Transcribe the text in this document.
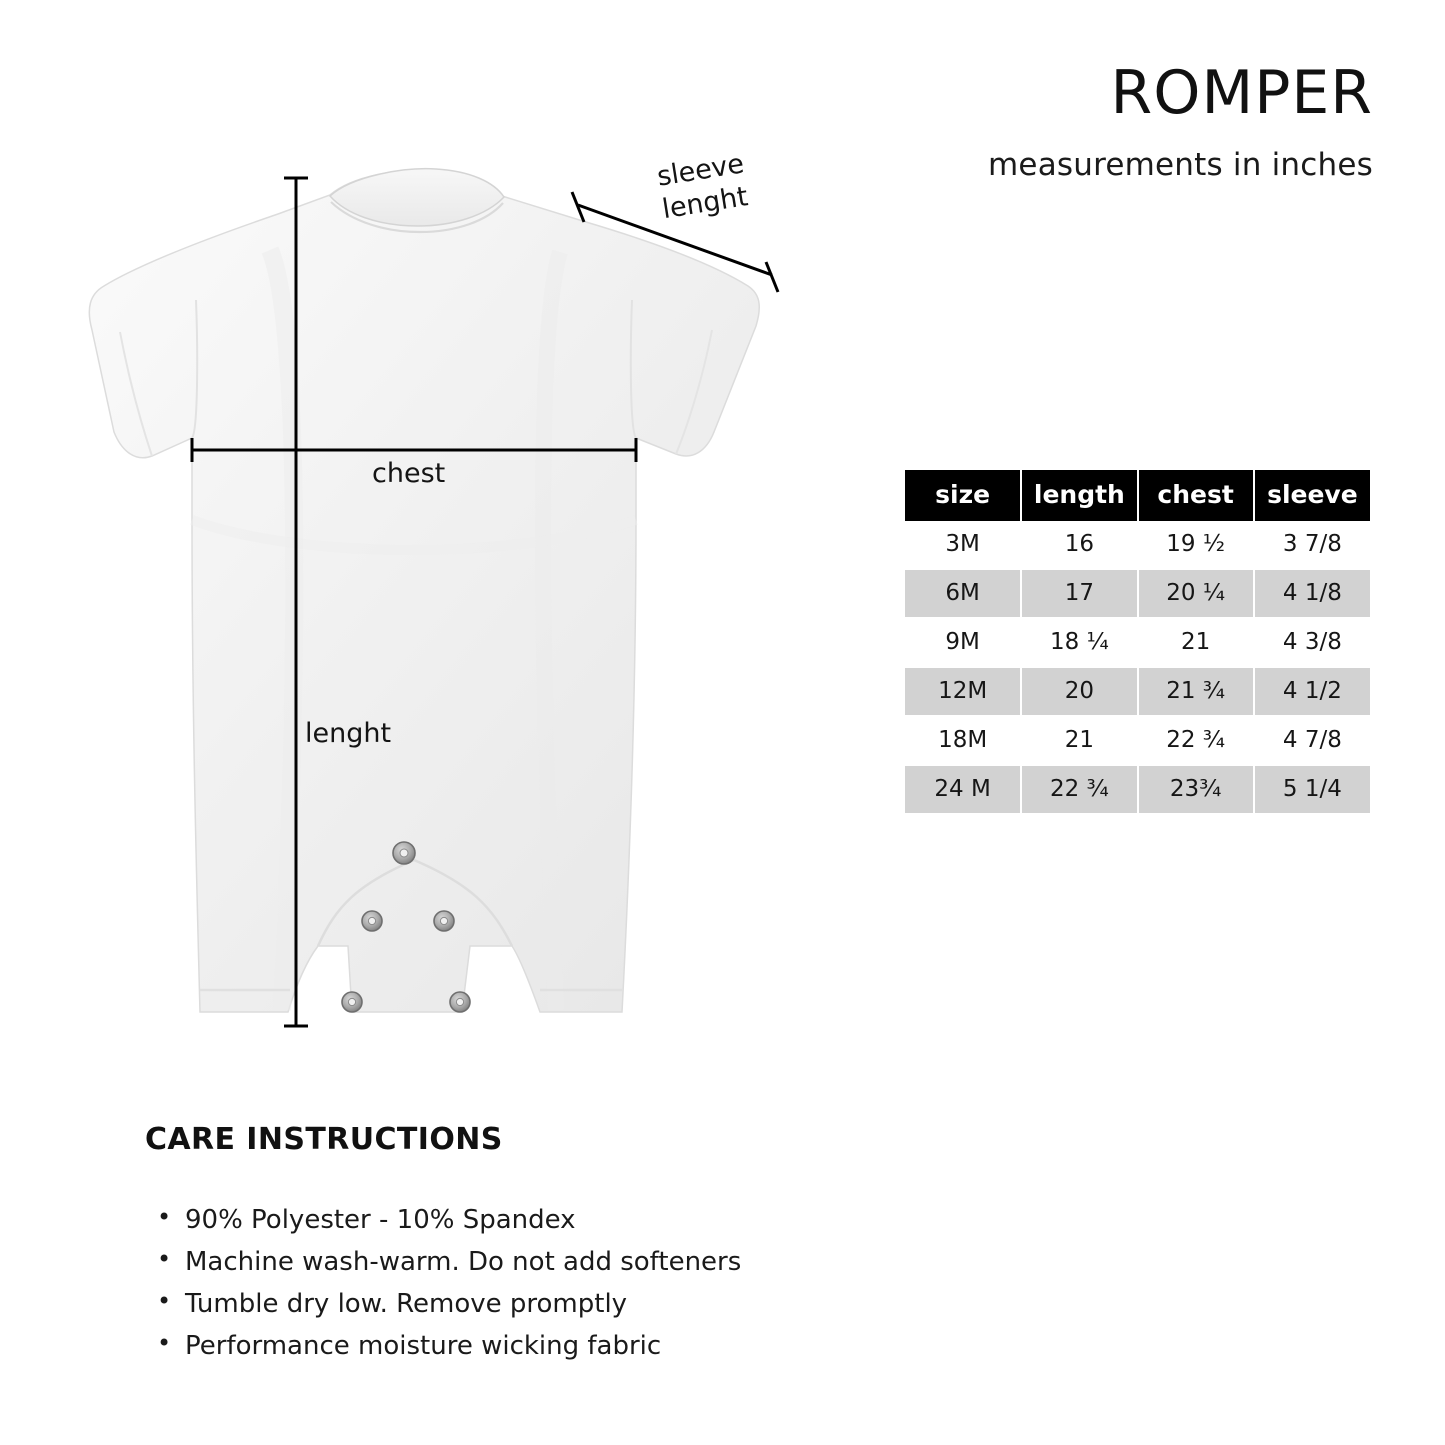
ROMPER
measurements in inches
chest
lenght
sleeve
lenght
size	length	chest	sleeve
3M	16	19 ½	3 7/8
6M	17	20 ¼	4 1/8
9M	18 ¼	21	4 3/8
12M	20	21 ¾	4 1/2
18M	21	22 ¾	4 7/8
24 M	22 ¾	23¾	5 1/4
CARE INSTRUCTIONS
• 90% Polyester - 10% Spandex
• Machine wash-warm. Do not add softeners
• Tumble dry low. Remove promptly
• Performance moisture wicking fabric
